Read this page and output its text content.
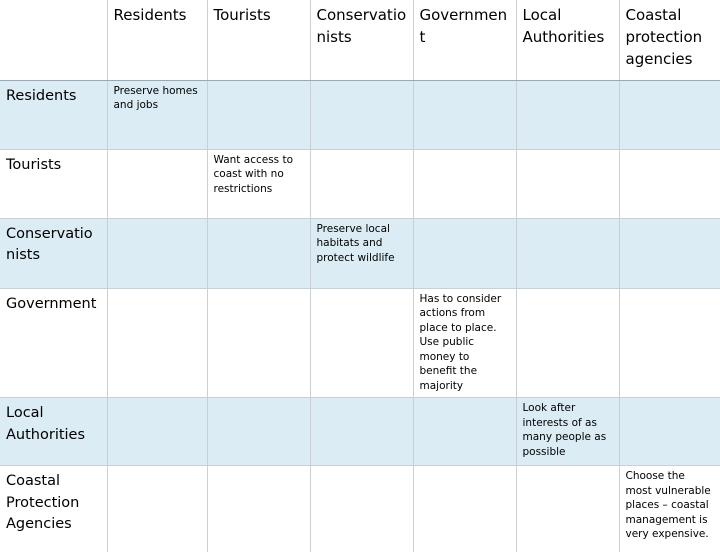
	Residents	Tourists	Conservationists	Government	Local Authorities	Coastal protection agencies
Residents	Preserve homes and jobs					
Tourists		Want access to coast with no restrictions				
Conservationists			Preserve local habitats and protect wildlife			
Government				Has to consider actions from place to place. Use public money to benefit the majority		
Local Authorities					Look after interests of as many people as possible	
Coastal Protection Agencies						Choose the most vulnerable places – coastal management is very expensive.
